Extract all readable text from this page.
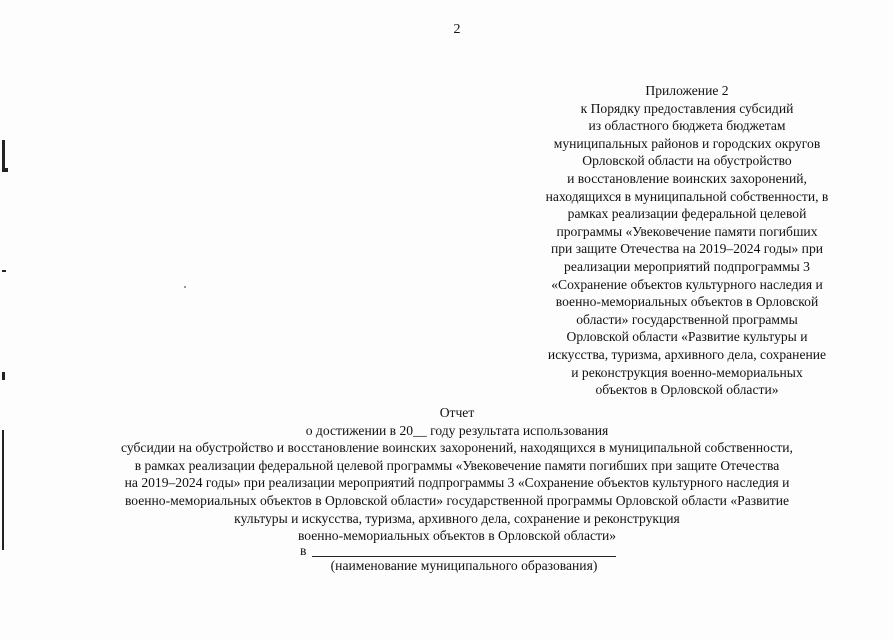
2
Приложение 2
к Порядку предоставления субсидий
из областного бюджета бюджетам
муниципальных районов и городских округов
Орловской области на обустройство
и восстановление воинских захоронений,
находящихся в муниципальной собственности, в
рамках реализации федеральной целевой
программы «Увековечение памяти погибших
при защите Отечества на 2019–2024 годы» при
реализации мероприятий подпрограммы 3
«Сохранение объектов культурного наследия и
военно-мемориальных объектов в Орловской
области» государственной программы
Орловской области «Развитие культуры и
искусства, туризма, архивного дела, сохранение
и реконструкция военно-мемориальных
объектов в Орловской области»
Отчет
о достижении в 20__ году результата использования
субсидии на обустройство и восстановление воинских захоронений, находящихся в муниципальной собственности,
в рамках реализации федеральной целевой программы «Увековечение памяти погибших при защите Отечества
на 2019–2024 годы» при реализации мероприятий подпрограммы 3 «Сохранение объектов культурного наследия и
военно-мемориальных объектов в Орловской области» государственной программы Орловской области «Развитие
культуры и искусства, туризма, архивного дела, сохранение и реконструкция
военно-мемориальных объектов в Орловской области»
в
(наименование муниципального образования)
